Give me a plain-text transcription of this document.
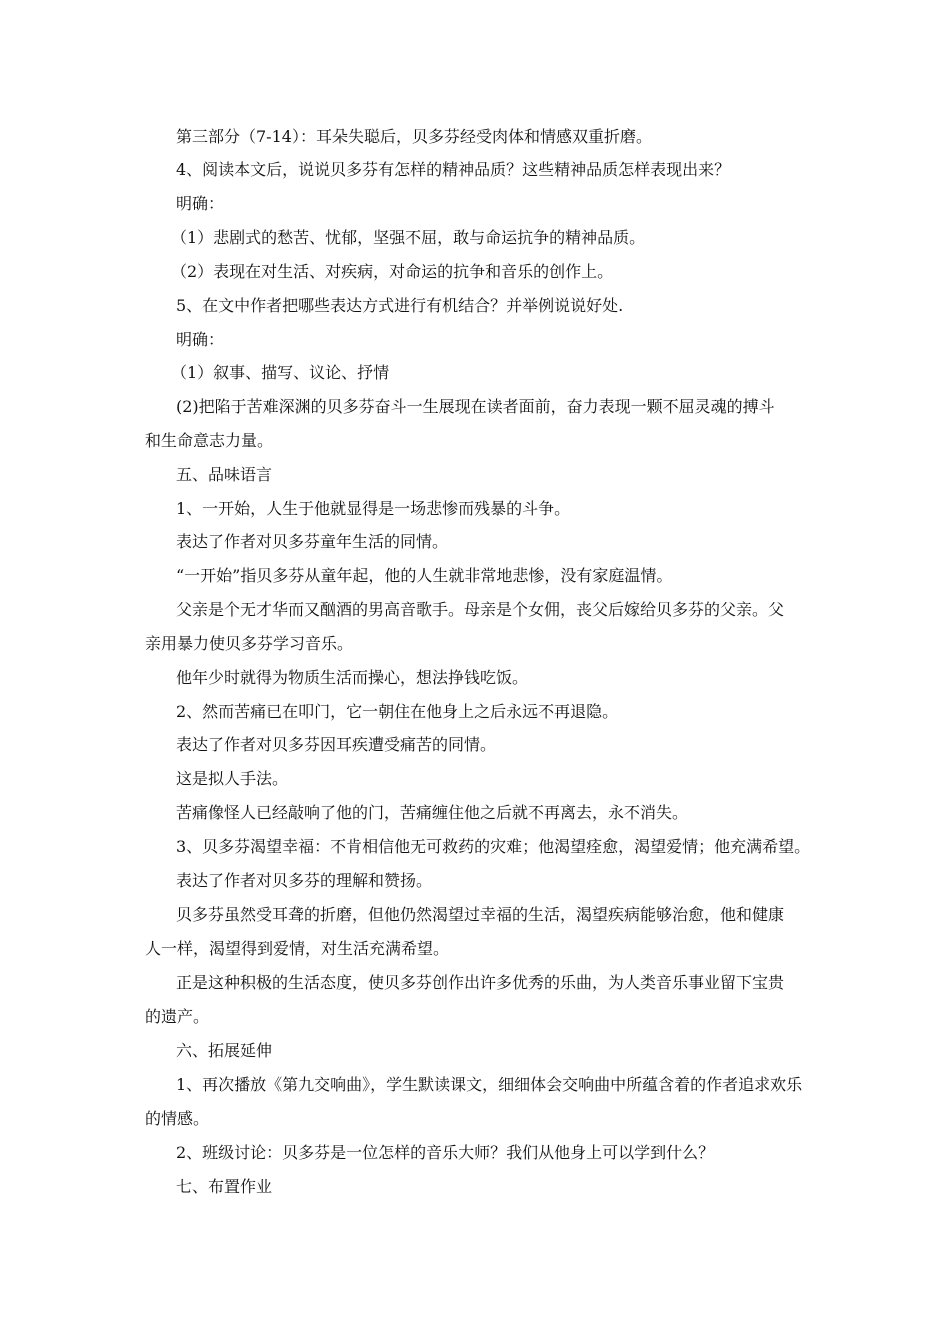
第三部分（7-14）：耳朵失聪后，贝多芬经受肉体和情感双重折磨。
4、阅读本文后，说说贝多芬有怎样的精神品质？这些精神品质怎样表现出来？
明确：
（1）悲剧式的愁苦、忧郁，坚强不屈，敢与命运抗争的精神品质。
（2）表现在对生活、对疾病，对命运的抗争和音乐的创作上。
5、在文中作者把哪些表达方式进行有机结合？并举例说说好处.
明确：
（1）叙事、描写、议论、抒情
(2)把陷于苦难深渊的贝多芬奋斗一生展现在读者面前，奋力表现一颗不屈灵魂的搏斗
和生命意志力量。
五、品味语言
1、一开始，人生于他就显得是一场悲惨而残暴的斗争。
表达了作者对贝多芬童年生活的同情。
“一开始”指贝多芬从童年起，他的人生就非常地悲惨，没有家庭温情。
父亲是个无才华而又酗酒的男高音歌手。母亲是个女佣，丧父后嫁给贝多芬的父亲。父
亲用暴力使贝多芬学习音乐。
他年少时就得为物质生活而操心，想法挣钱吃饭。
2、然而苦痛已在叩门，它一朝住在他身上之后永远不再退隐。
表达了作者对贝多芬因耳疾遭受痛苦的同情。
这是拟人手法。
苦痛像怪人已经敲响了他的门，苦痛缠住他之后就不再离去，永不消失。
3、贝多芬渴望幸福：不肯相信他无可救药的灾难；他渴望痊愈，渴望爱情；他充满希望。
表达了作者对贝多芬的理解和赞扬。
贝多芬虽然受耳聋的折磨，但他仍然渴望过幸福的生活，渴望疾病能够治愈，他和健康
人一样，渴望得到爱情，对生活充满希望。
正是这种积极的生活态度，使贝多芬创作出许多优秀的乐曲，为人类音乐事业留下宝贵
的遗产。
六、拓展延伸
1、再次播放《第九交响曲》，学生默读课文，细细体会交响曲中所蕴含着的作者追求欢乐
的情感。
2、班级讨论：贝多芬是一位怎样的音乐大师？我们从他身上可以学到什么？
七、布置作业
